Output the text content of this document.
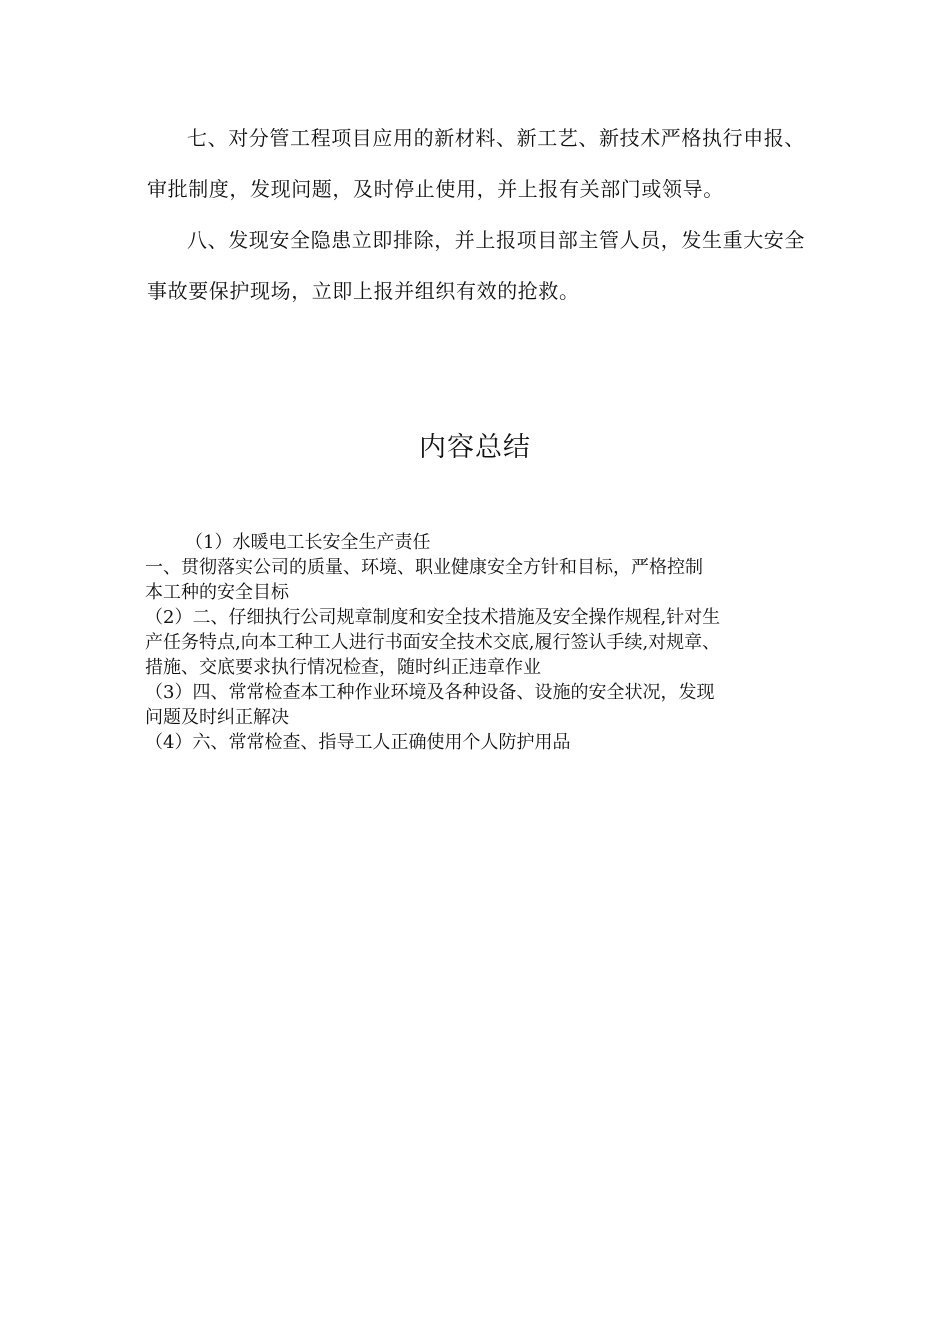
七、对分管工程项目应用的新材料、新工艺、新技术严格执行申报、审批制度，发现问题，及时停止使用，并上报有关部门或领导。

八、发现安全隐患立即排除，并上报项目部主管人员，发生重大安全事故要保护现场，立即上报并组织有效的抢救。

内容总结
（1）水暖电工长安全生产责任
一、贯彻落实公司的质量、环境、职业健康安全方针和目标，严格控制
本工种的安全目标
（2）二、仔细执行公司规章制度和安全技术措施及安全操作规程,针对生
产任务特点,向本工种工人进行书面安全技术交底,履行签认手续,对规章、
措施、交底要求执行情况检查，随时纠正违章作业
（3）四、常常检查本工种作业环境及各种设备、设施的安全状况，发现
问题及时纠正解决
（4）六、常常检查、指导工人正确使用个人防护用品
